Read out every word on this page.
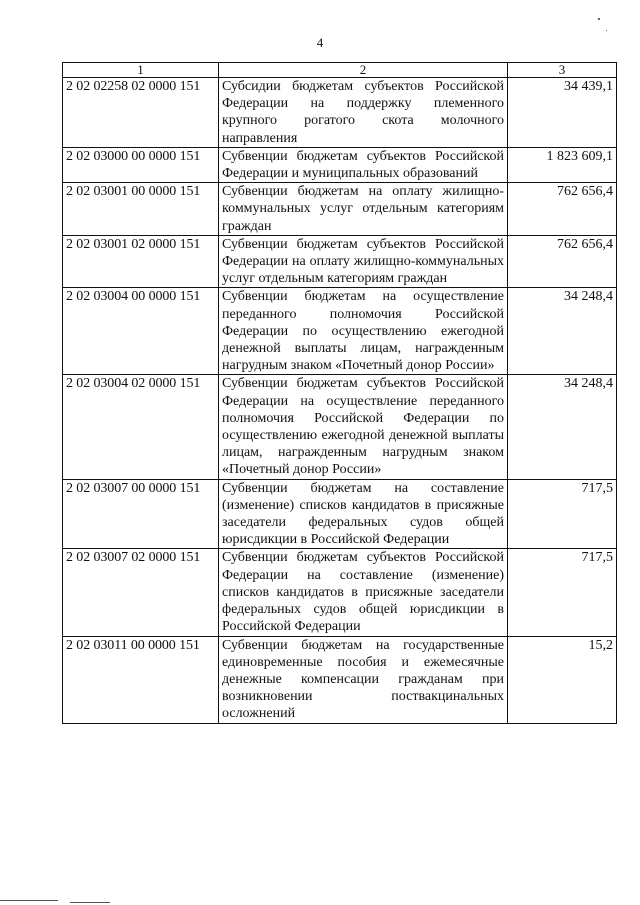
4
1	2	3
2 02 02258 02 0000 151	Субсидии бюджетам субъектов Российской Федерации на поддержку племенного крупного рогатого скота молочного направления	34 439,1
2 02 03000 00 0000 151	Субвенции бюджетам субъектов Российской Федерации и муниципальных образований	1 823 609,1
2 02 03001 00 0000 151	Субвенции бюджетам на оплату жилищно-коммунальных услуг отдельным категориям граждан	762 656,4
2 02 03001 02 0000 151	Субвенции бюджетам субъектов Российской Федерации на оплату жилищно-коммунальных услуг отдельным категориям граждан	762 656,4
2 02 03004 00 0000 151	Субвенции бюджетам на осуществление переданного полномочия Российской Федерации по осуществлению ежегодной денежной выплаты лицам, награжденным нагрудным знаком «Почетный донор России»	34 248,4
2 02 03004 02 0000 151	Субвенции бюджетам субъектов Российской Федерации на осуществление переданного полномочия Российской Федерации по осуществлению ежегодной денежной выплаты лицам, награжденным нагрудным знаком «Почетный донор России»	34 248,4
2 02 03007 00 0000 151	Субвенции бюджетам на составление (изменение) списков кандидатов в присяжные заседатели федеральных судов общей юрисдикции в Российской Федерации	717,5
2 02 03007 02 0000 151	Субвенции бюджетам субъектов Российской Федерации на составление (изменение) списков кандидатов в присяжные заседатели федеральных судов общей юрисдикции в Российской Федерации	717,5
2 02 03011 00 0000 151	Субвенции бюджетам на государственные единовременные пособия и ежемесячные денежные компенсации гражданам при возникновении поствакцинальных осложнений	15,2
